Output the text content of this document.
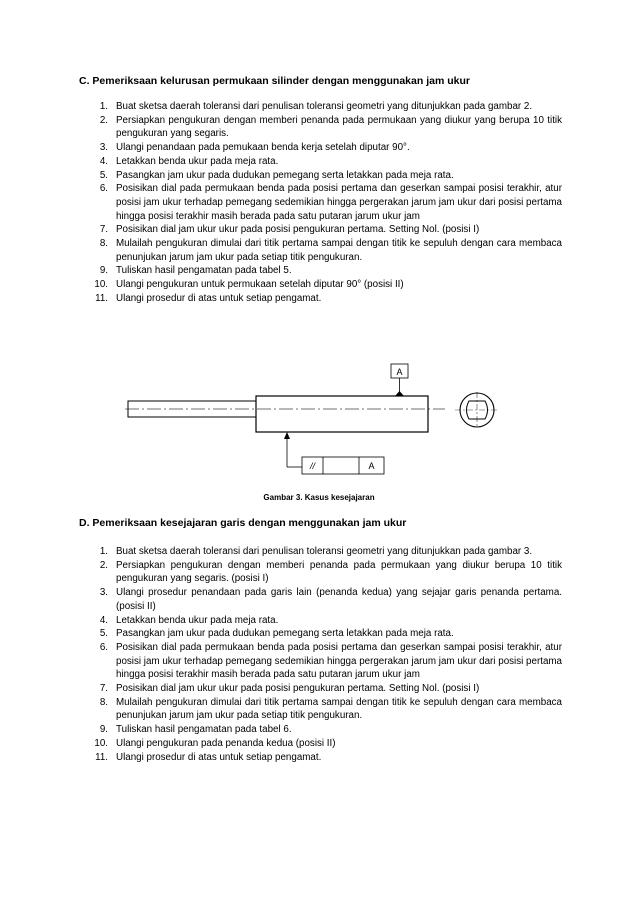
C. Pemeriksaan kelurusan permukaan silinder dengan menggunakan jam ukur
1. Buat sketsa daerah toleransi dari penulisan toleransi geometri yang ditunjukkan pada gambar 2.
2. Persiapkan pengukuran dengan memberi penanda pada permukaan yang diukur yang berupa 10 titik pengukuran yang segaris.
3. Ulangi penandaan pada pemukaan benda kerja setelah diputar 90°.
4. Letakkan benda ukur pada meja rata.
5. Pasangkan jam ukur pada dudukan pemegang serta letakkan pada meja rata.
6. Posisikan dial pada permukaan benda pada posisi pertama dan geserkan sampai posisi terakhir, atur posisi jam ukur terhadap pemegang sedemikian hingga pergerakan jarum jam ukur dari posisi pertama hingga posisi terakhir masih berada pada satu putaran jarum ukur jam
7. Posisikan dial jam ukur ukur pada posisi pengukuran pertama. Setting Nol. (posisi I)
8. Mulailah pengukuran dimulai dari titik pertama sampai dengan titik ke sepuluh dengan cara membaca penunjukan jarum jam ukur pada setiap titik pengukuran.
9. Tuliskan hasil pengamatan pada tabel 5.
10. Ulangi pengukuran untuk permukaan setelah diputar 90° (posisi II)
11. Ulangi prosedur di atas untuk setiap pengamat.
A
//	A
Gambar 3. Kasus kesejajaran
D. Pemeriksaan kesejajaran garis dengan menggunakan jam ukur
1. Buat sketsa daerah toleransi dari penulisan toleransi geometri yang ditunjukkan pada gambar 3.
2. Persiapkan pengukuran dengan memberi penanda pada permukaan yang diukur berupa 10 titik pengukuran yang segaris. (posisi I)
3. Ulangi prosedur penandaan pada garis lain (penanda kedua) yang sejajar garis penanda pertama. (posisi II)
4. Letakkan benda ukur pada meja rata.
5. Pasangkan jam ukur pada dudukan pemegang serta letakkan pada meja rata.
6. Posisikan dial pada permukaan benda pada posisi pertama dan geserkan sampai posisi terakhir, atur posisi jam ukur terhadap pemegang sedemikian hingga pergerakan jarum jam ukur dari posisi pertama hingga posisi terakhir masih berada pada satu putaran jarum ukur jam
7. Posisikan dial jam ukur ukur pada posisi pengukuran pertama. Setting Nol. (posisi I)
8. Mulailah pengukuran dimulai dari titik pertama sampai dengan titik ke sepuluh dengan cara membaca penunjukan jarum jam ukur pada setiap titik pengukuran.
9. Tuliskan hasil pengamatan pada tabel 6.
10. Ulangi pengukuran pada penanda kedua (posisi II)
11. Ulangi prosedur di atas untuk setiap pengamat.
